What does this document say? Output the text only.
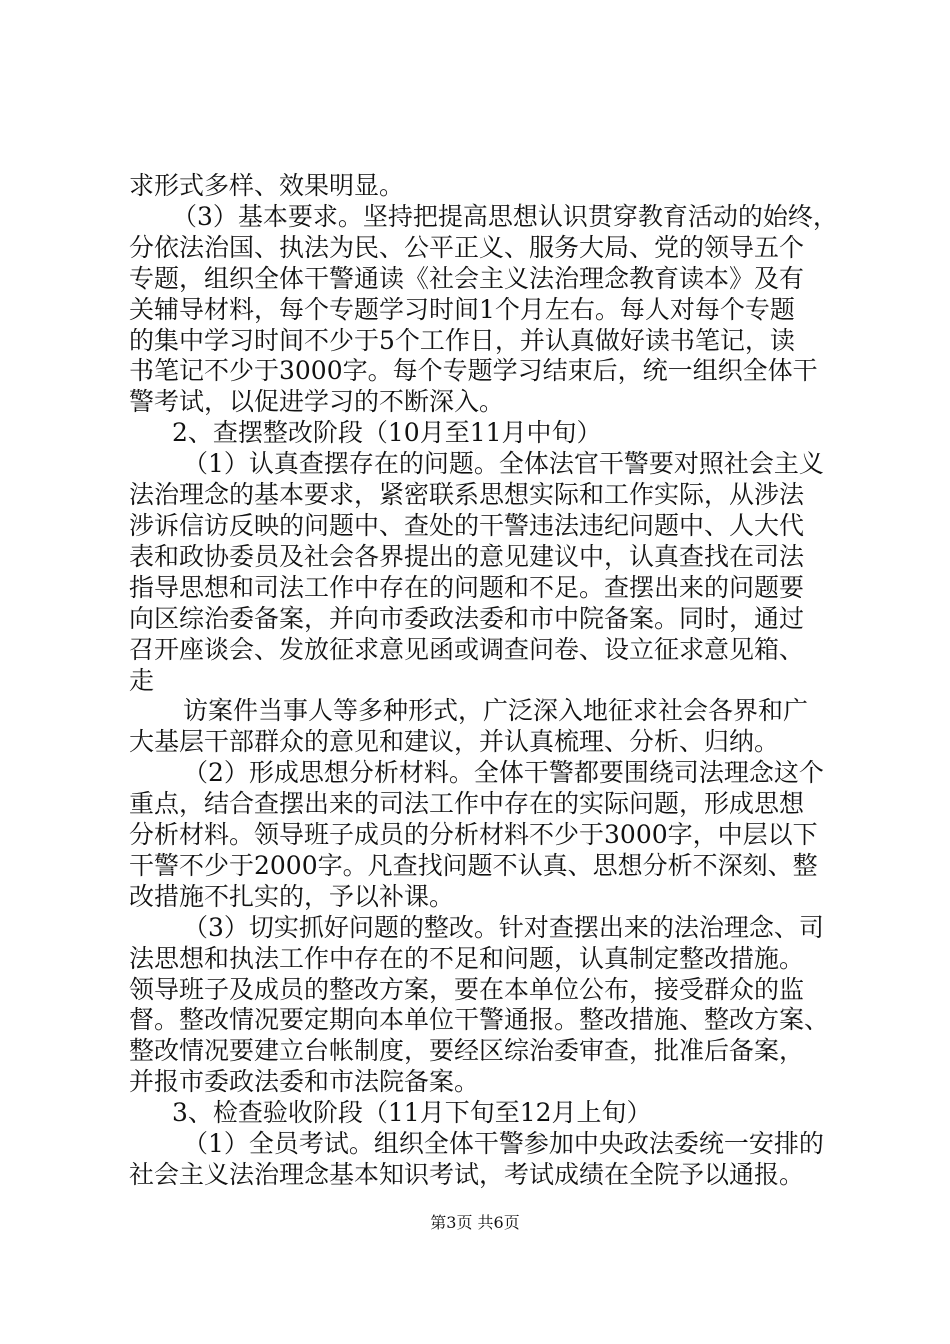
求形式多样、效果明显。
（3）基本要求。坚持把提高思想认识贯穿教育活动的始终，
分依法治国、执法为民、公平正义、服务大局、党的领导五个
专题，组织全体干警通读《社会主义法治理念教育读本》及有
关辅导材料，每个专题学习时间1个月左右。每人对每个专题
的集中学习时间不少于5个工作日，并认真做好读书笔记，读
书笔记不少于3000字。每个专题学习结束后，统一组织全体干
警考试，以促进学习的不断深入。
2、查摆整改阶段（10月至11月中旬）
（1）认真查摆存在的问题。全体法官干警要对照社会主义
法治理念的基本要求，紧密联系思想实际和工作实际，从涉法
涉诉信访反映的问题中、查处的干警违法违纪问题中、人大代
表和政协委员及社会各界提出的意见建议中，认真查找在司法
指导思想和司法工作中存在的问题和不足。查摆出来的问题要
向区综治委备案，并向市委政法委和市中院备案。同时，通过
召开座谈会、发放征求意见函或调查问卷、设立征求意见箱、
走
访案件当事人等多种形式，广泛深入地征求社会各界和广
大基层干部群众的意见和建议，并认真梳理、分析、归纳。
（2）形成思想分析材料。全体干警都要围绕司法理念这个
重点，结合查摆出来的司法工作中存在的实际问题，形成思想
分析材料。领导班子成员的分析材料不少于3000字，中层以下
干警不少于2000字。凡查找问题不认真、思想分析不深刻、整
改措施不扎实的，予以补课。
（3）切实抓好问题的整改。针对查摆出来的法治理念、司
法思想和执法工作中存在的不足和问题，认真制定整改措施。
领导班子及成员的整改方案，要在本单位公布，接受群众的监
督。整改情况要定期向本单位干警通报。整改措施、整改方案、
整改情况要建立台帐制度，要经区综治委审查，批准后备案，
并报市委政法委和市法院备案。
3、检查验收阶段（11月下旬至12月上旬）
（1）全员考试。组织全体干警参加中央政法委统一安排的
社会主义法治理念基本知识考试，考试成绩在全院予以通报。
第3页 共6页
